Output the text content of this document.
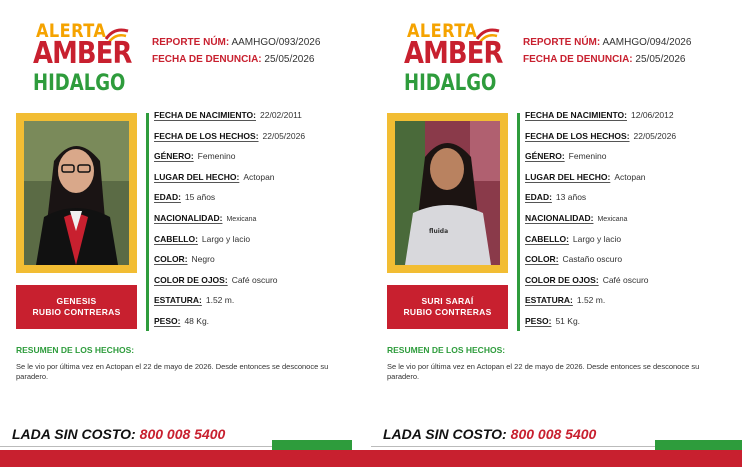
ALERTA
AMBER
HIDALGO
REPORTE NÚM: AAMHGO/093/2026
FECHA DE DENUNCIA: 25/05/2026
GENESIS
RUBIO CONTRERAS
FECHA DE NACIMIENTO: 22/02/2011
FECHA DE LOS HECHOS: 22/05/2026
GÉNERO: Femenino
LUGAR DEL HECHO: Actopan
EDAD: 15 años
NACIONALIDAD: Mexicana
CABELLO: Largo y lacio
COLOR: Negro
COLOR DE OJOS: Café oscuro
ESTATURA: 1.52 m.
PESO: 48 Kg.
RESUMEN DE LOS HECHOS:
Se le vio por última vez en Actopan el 22 de mayo de 2026. Desde entonces se desconoce su paradero.
LADA SIN COSTO: 800 008 5400
ALERTA
AMBER
HIDALGO
REPORTE NÚM: AAMHGO/094/2026
FECHA DE DENUNCIA: 25/05/2026
fluida
SURI SARAÍ
RUBIO CONTRERAS
FECHA DE NACIMIENTO: 12/06/2012
FECHA DE LOS HECHOS: 22/05/2026
GÉNERO: Femenino
LUGAR DEL HECHO: Actopan
EDAD: 13 años
NACIONALIDAD: Mexicana
CABELLO: Largo y lacio
COLOR: Castaño oscuro
COLOR DE OJOS: Café oscuro
ESTATURA: 1.52 m.
PESO: 51 Kg.
RESUMEN DE LOS HECHOS:
Se le vio por última vez en Actopan el 22 de mayo de 2026. Desde entonces se desconoce su paradero.
LADA SIN COSTO: 800 008 5400
